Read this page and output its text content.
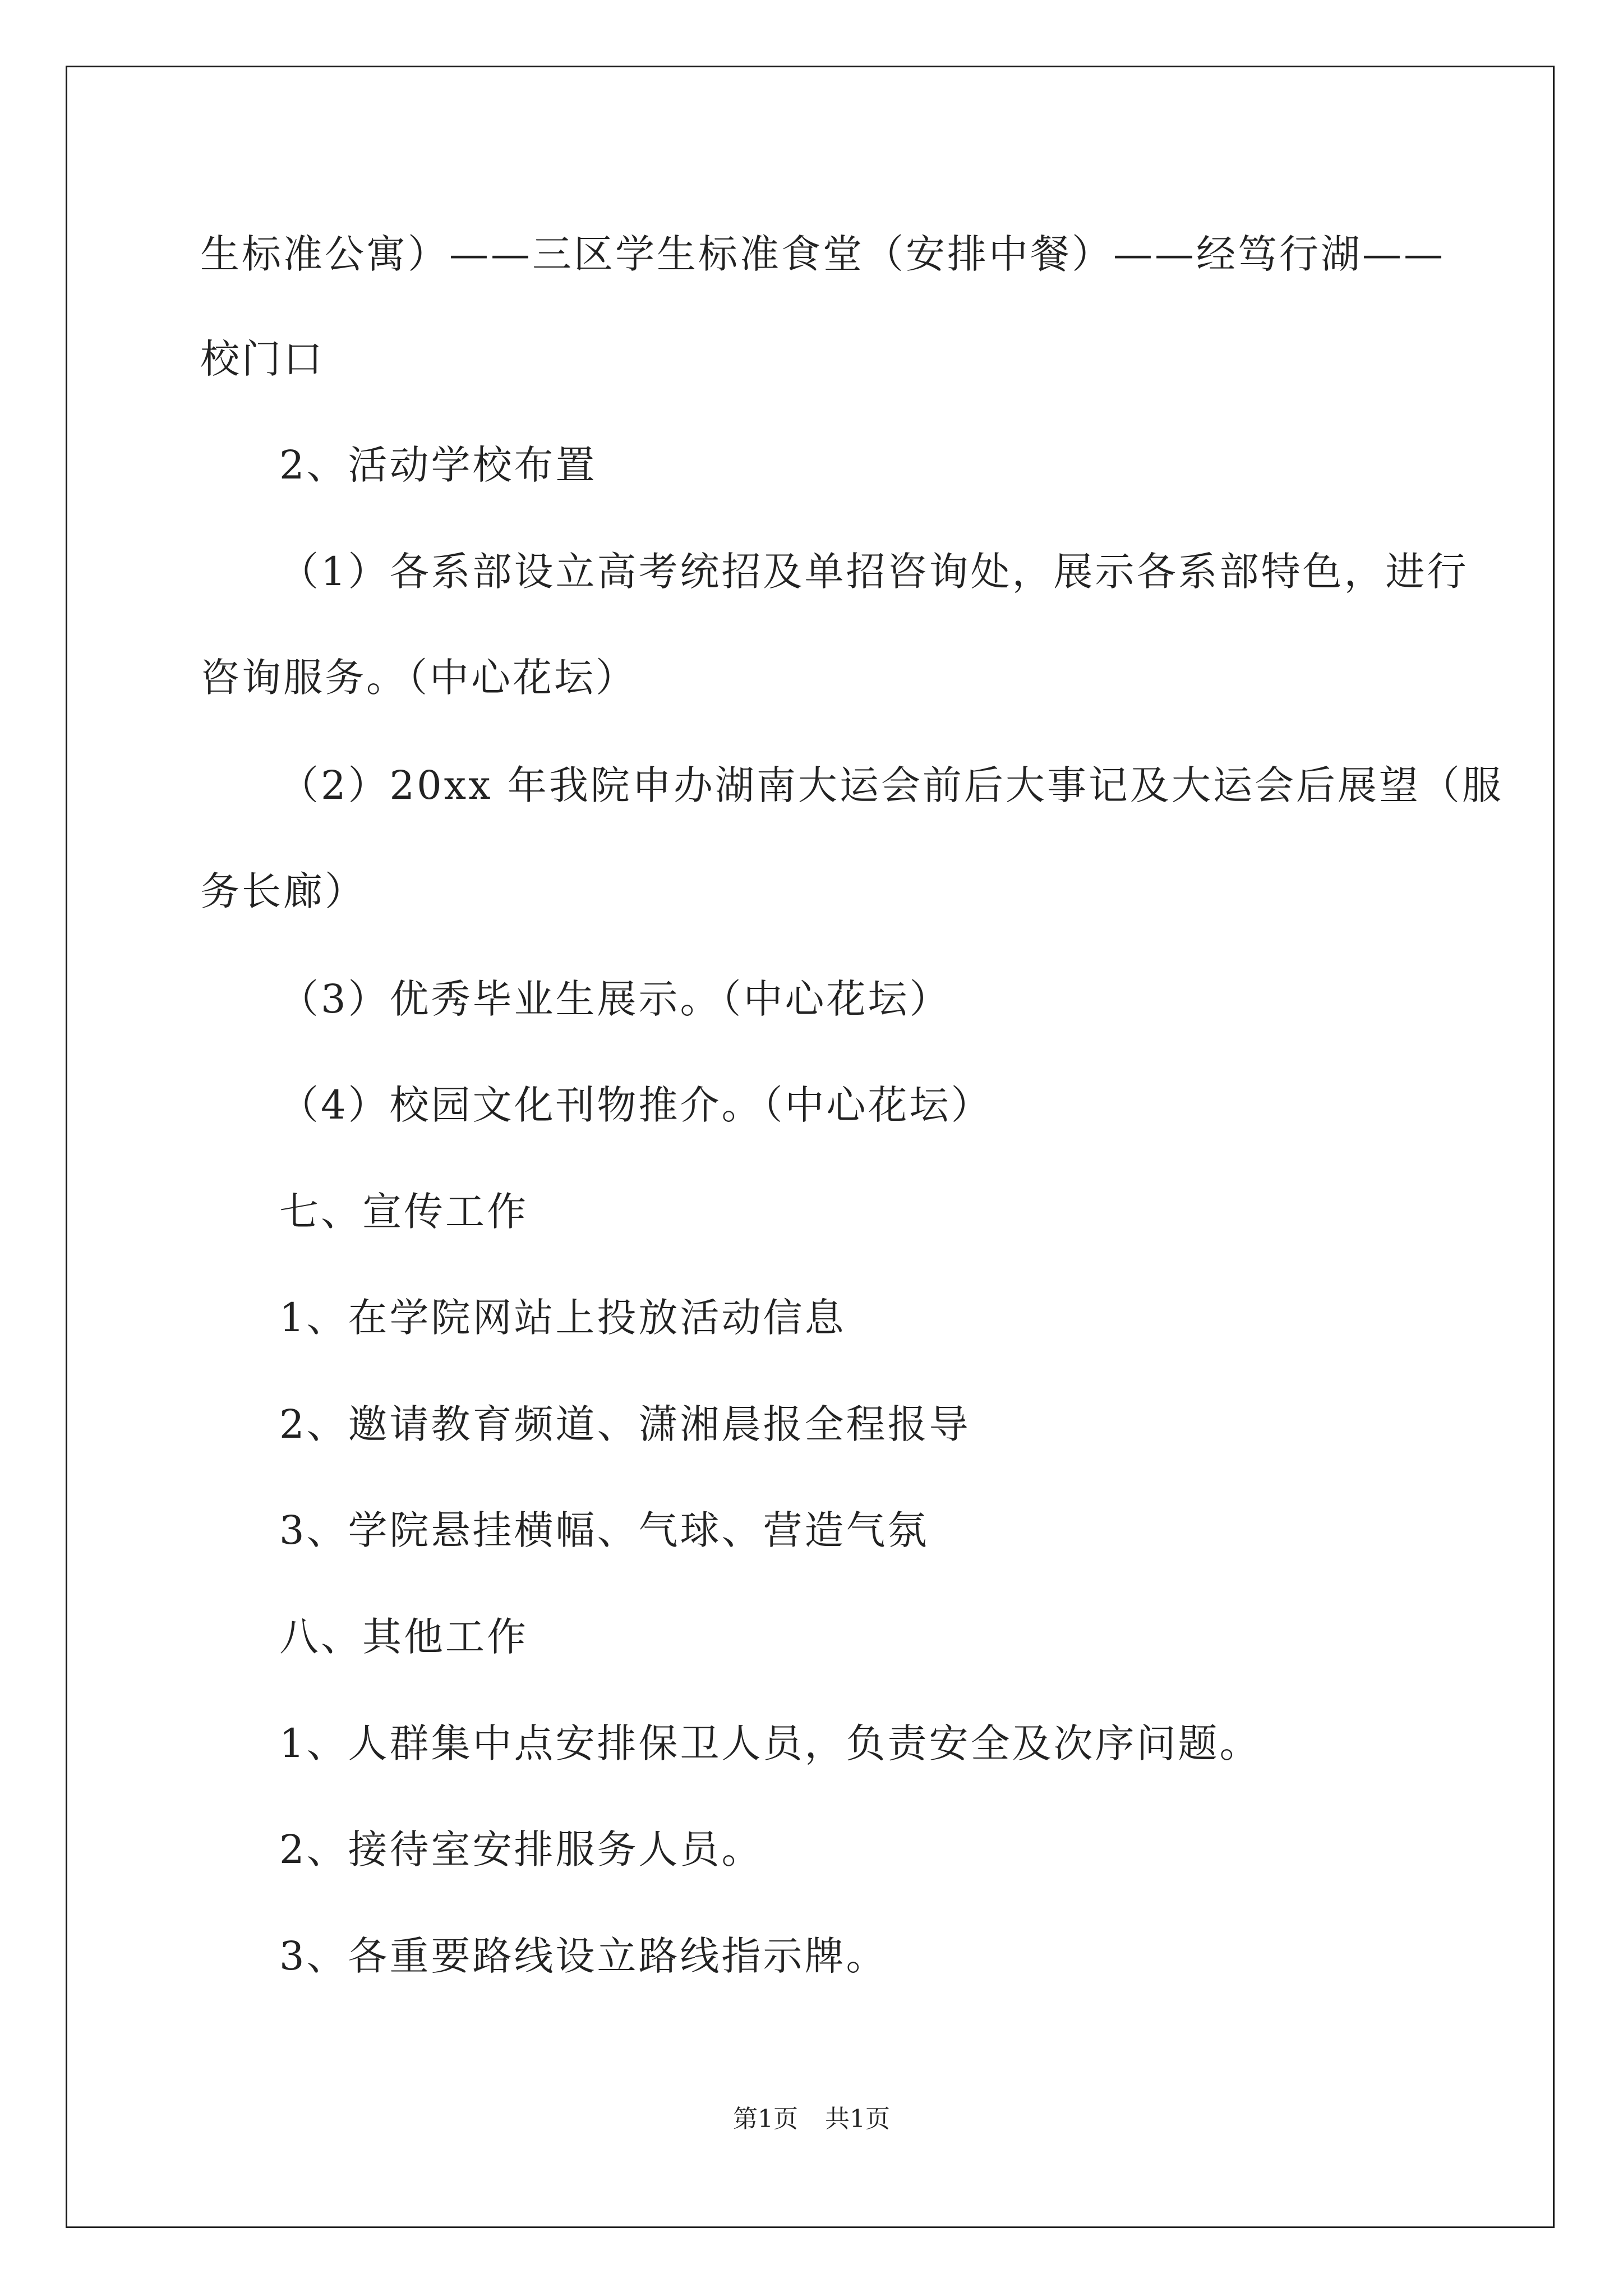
生标准公寓）——三区学生标准食堂（安排中餐）——经笃行湖——
校门口
2、活动学校布置
（1）各系部设立高考统招及单招咨询处，展示各系部特色，进行
咨询服务。（中心花坛）
（2）20xx 年我院申办湖南大运会前后大事记及大运会后展望（服
务长廊）
（3）优秀毕业生展示。（中心花坛）
（4）校园文化刊物推介。（中心花坛）
七、宣传工作
1、在学院网站上投放活动信息
2、邀请教育频道、潇湘晨报全程报导
3、学院悬挂横幅、气球、营造气氛
八、其他工作
1、人群集中点安排保卫人员，负责安全及次序问题。
2、接待室安排服务人员。
3、各重要路线设立路线指示牌。
第1页 共1页
